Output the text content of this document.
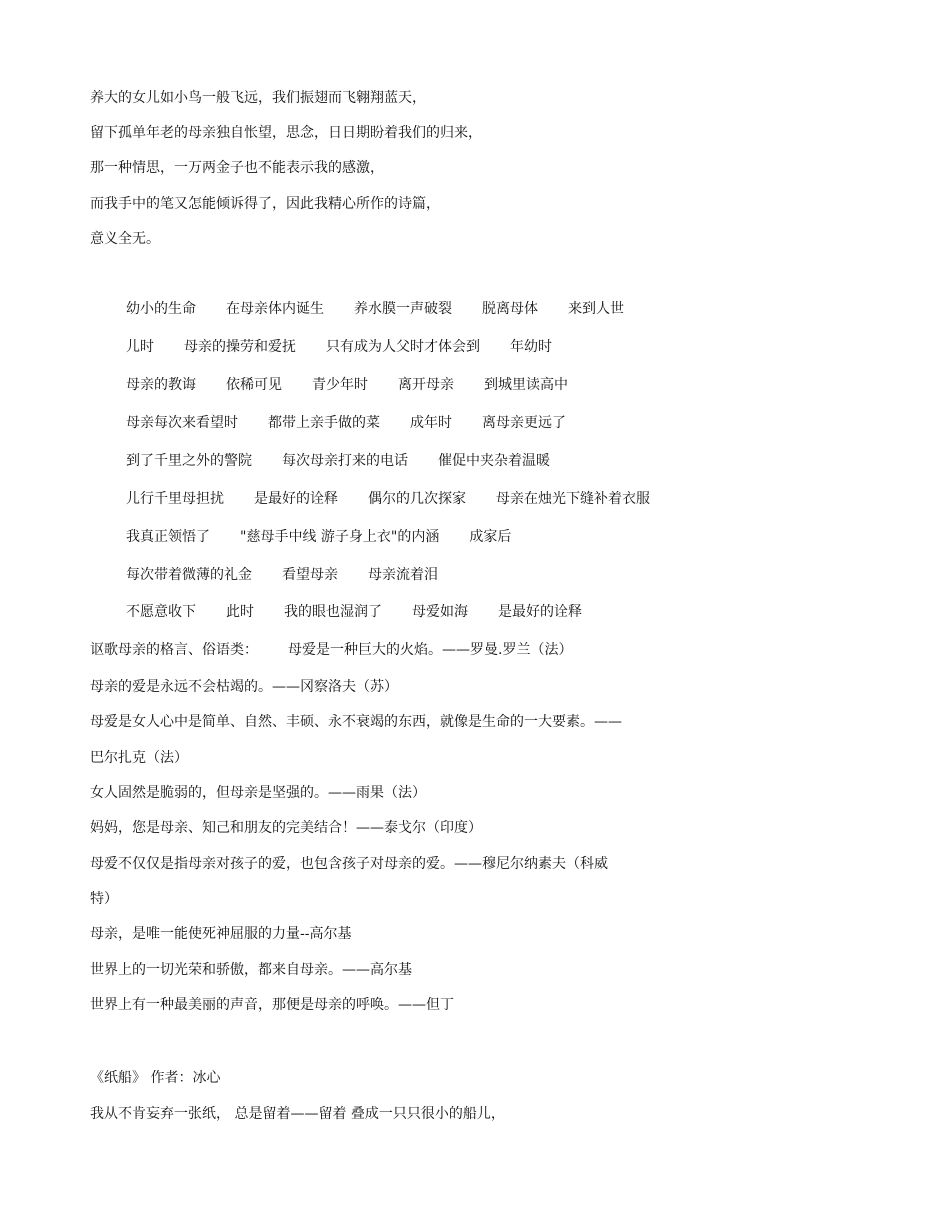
养大的女儿如小鸟一般飞远，我们振翅而飞翱翔蓝天，
留下孤单年老的母亲独自怅望，思念，日日期盼着我们的归来，
那一种情思，一万两金子也不能表示我的感激，
而我手中的笔又怎能倾诉得了，因此我精心所作的诗篇，
意义全无。
幼小的生命 在母亲体内诞生 养水膜一声破裂 脱离母体 来到人世
儿时 母亲的操劳和爱抚 只有成为人父时才体会到 年幼时
母亲的教诲 依稀可见 青少年时 离开母亲 到城里读高中
母亲每次来看望时 都带上亲手做的菜 成年时 离母亲更远了
到了千里之外的警院 每次母亲打来的电话 催促中夹杂着温暖
儿行千里母担扰 是最好的诠释 偶尔的几次探家 母亲在烛光下缝补着衣服
我真正领悟了 "慈母手中线 游子身上衣"的内涵 成家后
每次带着微薄的礼金 看望母亲 母亲流着泪
不愿意收下 此时 我的眼也湿润了 母爱如海 是最好的诠释
讴歌母亲的格言、俗语类： 母爱是一种巨大的火焰。——罗曼.罗兰（法）
母亲的爱是永远不会枯竭的。——冈察洛夫（苏）
母爱是女人心中是简单、自然、丰硕、永不衰竭的东西，就像是生命的一大要素。——
巴尔扎克（法）
女人固然是脆弱的，但母亲是坚强的。——雨果（法）
妈妈，您是母亲、知己和朋友的完美结合！——泰戈尔（印度）
母爱不仅仅是指母亲对孩子的爱，也包含孩子对母亲的爱。——穆尼尔纳素夫（科威
特）
母亲，是唯一能使死神屈服的力量--高尔基
世界上的一切光荣和骄傲，都来自母亲。——高尔基
世界上有一种最美丽的声音，那便是母亲的呼唤。——但丁
《纸船》 作者：冰心
我从不肯妄弃一张纸， 总是留着——留着 叠成一只只很小的船儿，
